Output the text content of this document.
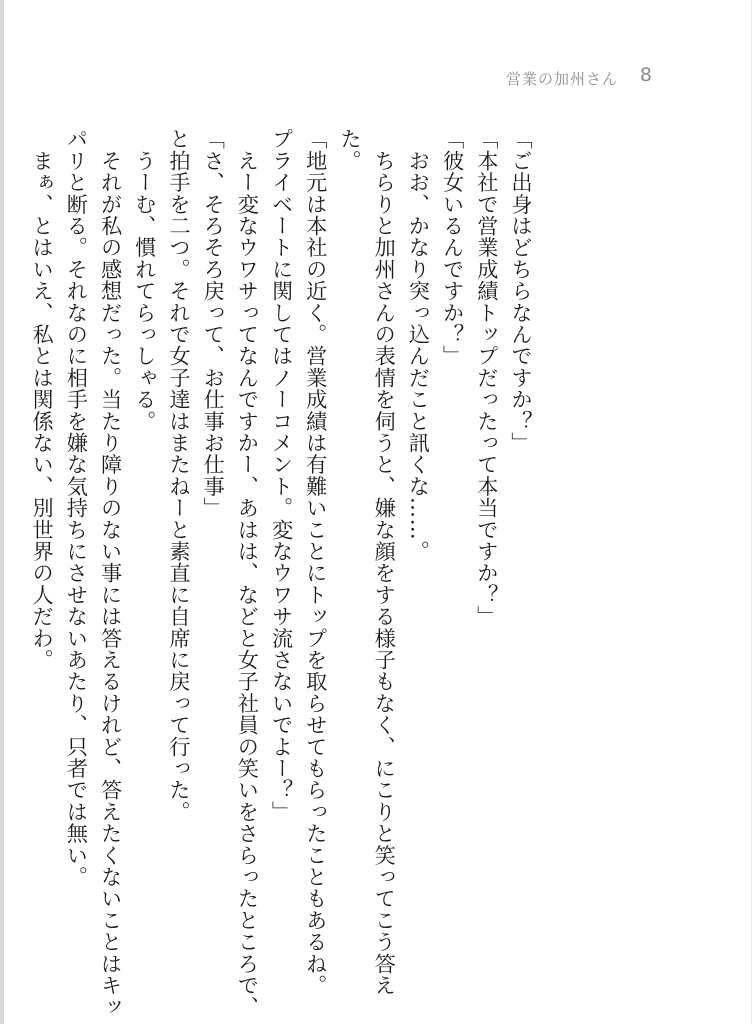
営業の加州さん 8
「ご出身はどちらなんですか？」
「本社で営業成績トップだったって本当ですか？」
「彼女いるんですか？」
　おお、かなり突っ込んだこと訊くな……。
　ちらりと加州さんの表情を伺うと、嫌な顔をする様子もなく、にこりと笑ってこう答え
た。
「地元は本社の近く。営業成績は有難いことにトップを取らせてもらったこともあるね。
プライベートに関してはノーコメント。変なウワサ流さないでよー？」
　えー変なウワサってなんですかー、あはは、などと女子社員の笑いをさらったところで、
「さ、そろそろ戻って、お仕事お仕事」
と拍手を二つ。それで女子達はまたねーと素直に自席に戻って行った。
　うーむ、慣れてらっしゃる。
　それが私の感想だった。当たり障りのない事には答えるけれど、答えたくないことはキッ
パリと断る。それなのに相手を嫌な気持ちにさせないあたり、只者では無い。
　まぁ、とはいえ、私とは関係ない、別世界の人だわ。
